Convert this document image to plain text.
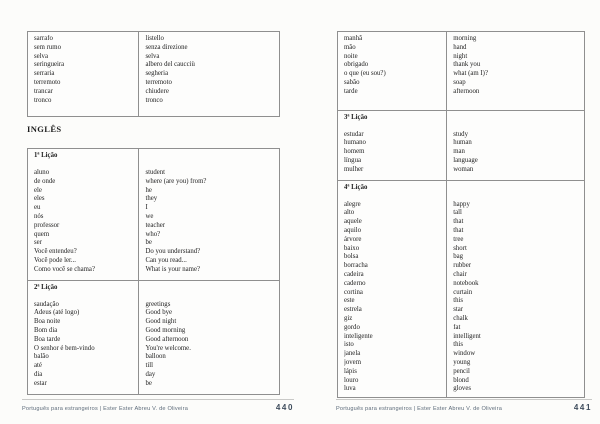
sarrafo
sem rumo
selva
seringueira
serraria
terremoto
trancar
tronco
listello
senza direzione
selva
albero del caucciù
segheria
terremoto
chiudere
tronco
INGLÊS
1ª Lição
aluno
de onde
ele
eles
eu
nós
professor
quem
ser
Você entendeu?
Você pode ler...
Como você se chama?
student
where (are you) from?
he
they
I
we
teacher
who?
be
Do you understand?
Can you read...
What is your name?
2ª Lição
saudação
Adeus (até logo)
Boa noite
Bom dia
Boa tarde
O senhor é bem-vindo
balão
até
dia
estar
greetings
Good bye
Good night
Good morning
Good afternoon
You're welcome.
balloon
till
day
be
Português para estrangeiros | Ester Ester Abreu V. de Oliveira	440
manhã
mão
noite
obrigado
o que (eu sou?)
sabão
tarde
morning
hand
night
thank you
what (am I)?
soap
afternoon
3ª Lição
estudar
humano
homem
língua
mulher
study
human
man
language
woman
4ª Lição
alegre
alto
aquele
aquilo
árvore
baixo
bolsa
borracha
cadeira
caderno
cortina
este
estrela
giz
gordo
inteligente
isto
janela
jovem
lápis
louro
luva
happy
tall
that
that
tree
short
bag
rubber
chair
notebook
curtain
this
star
chalk
fat
intelligent
this
window
young
pencil
blond
gloves
Português para estrangeiros | Ester Ester Abreu V. de Oliveira	441
